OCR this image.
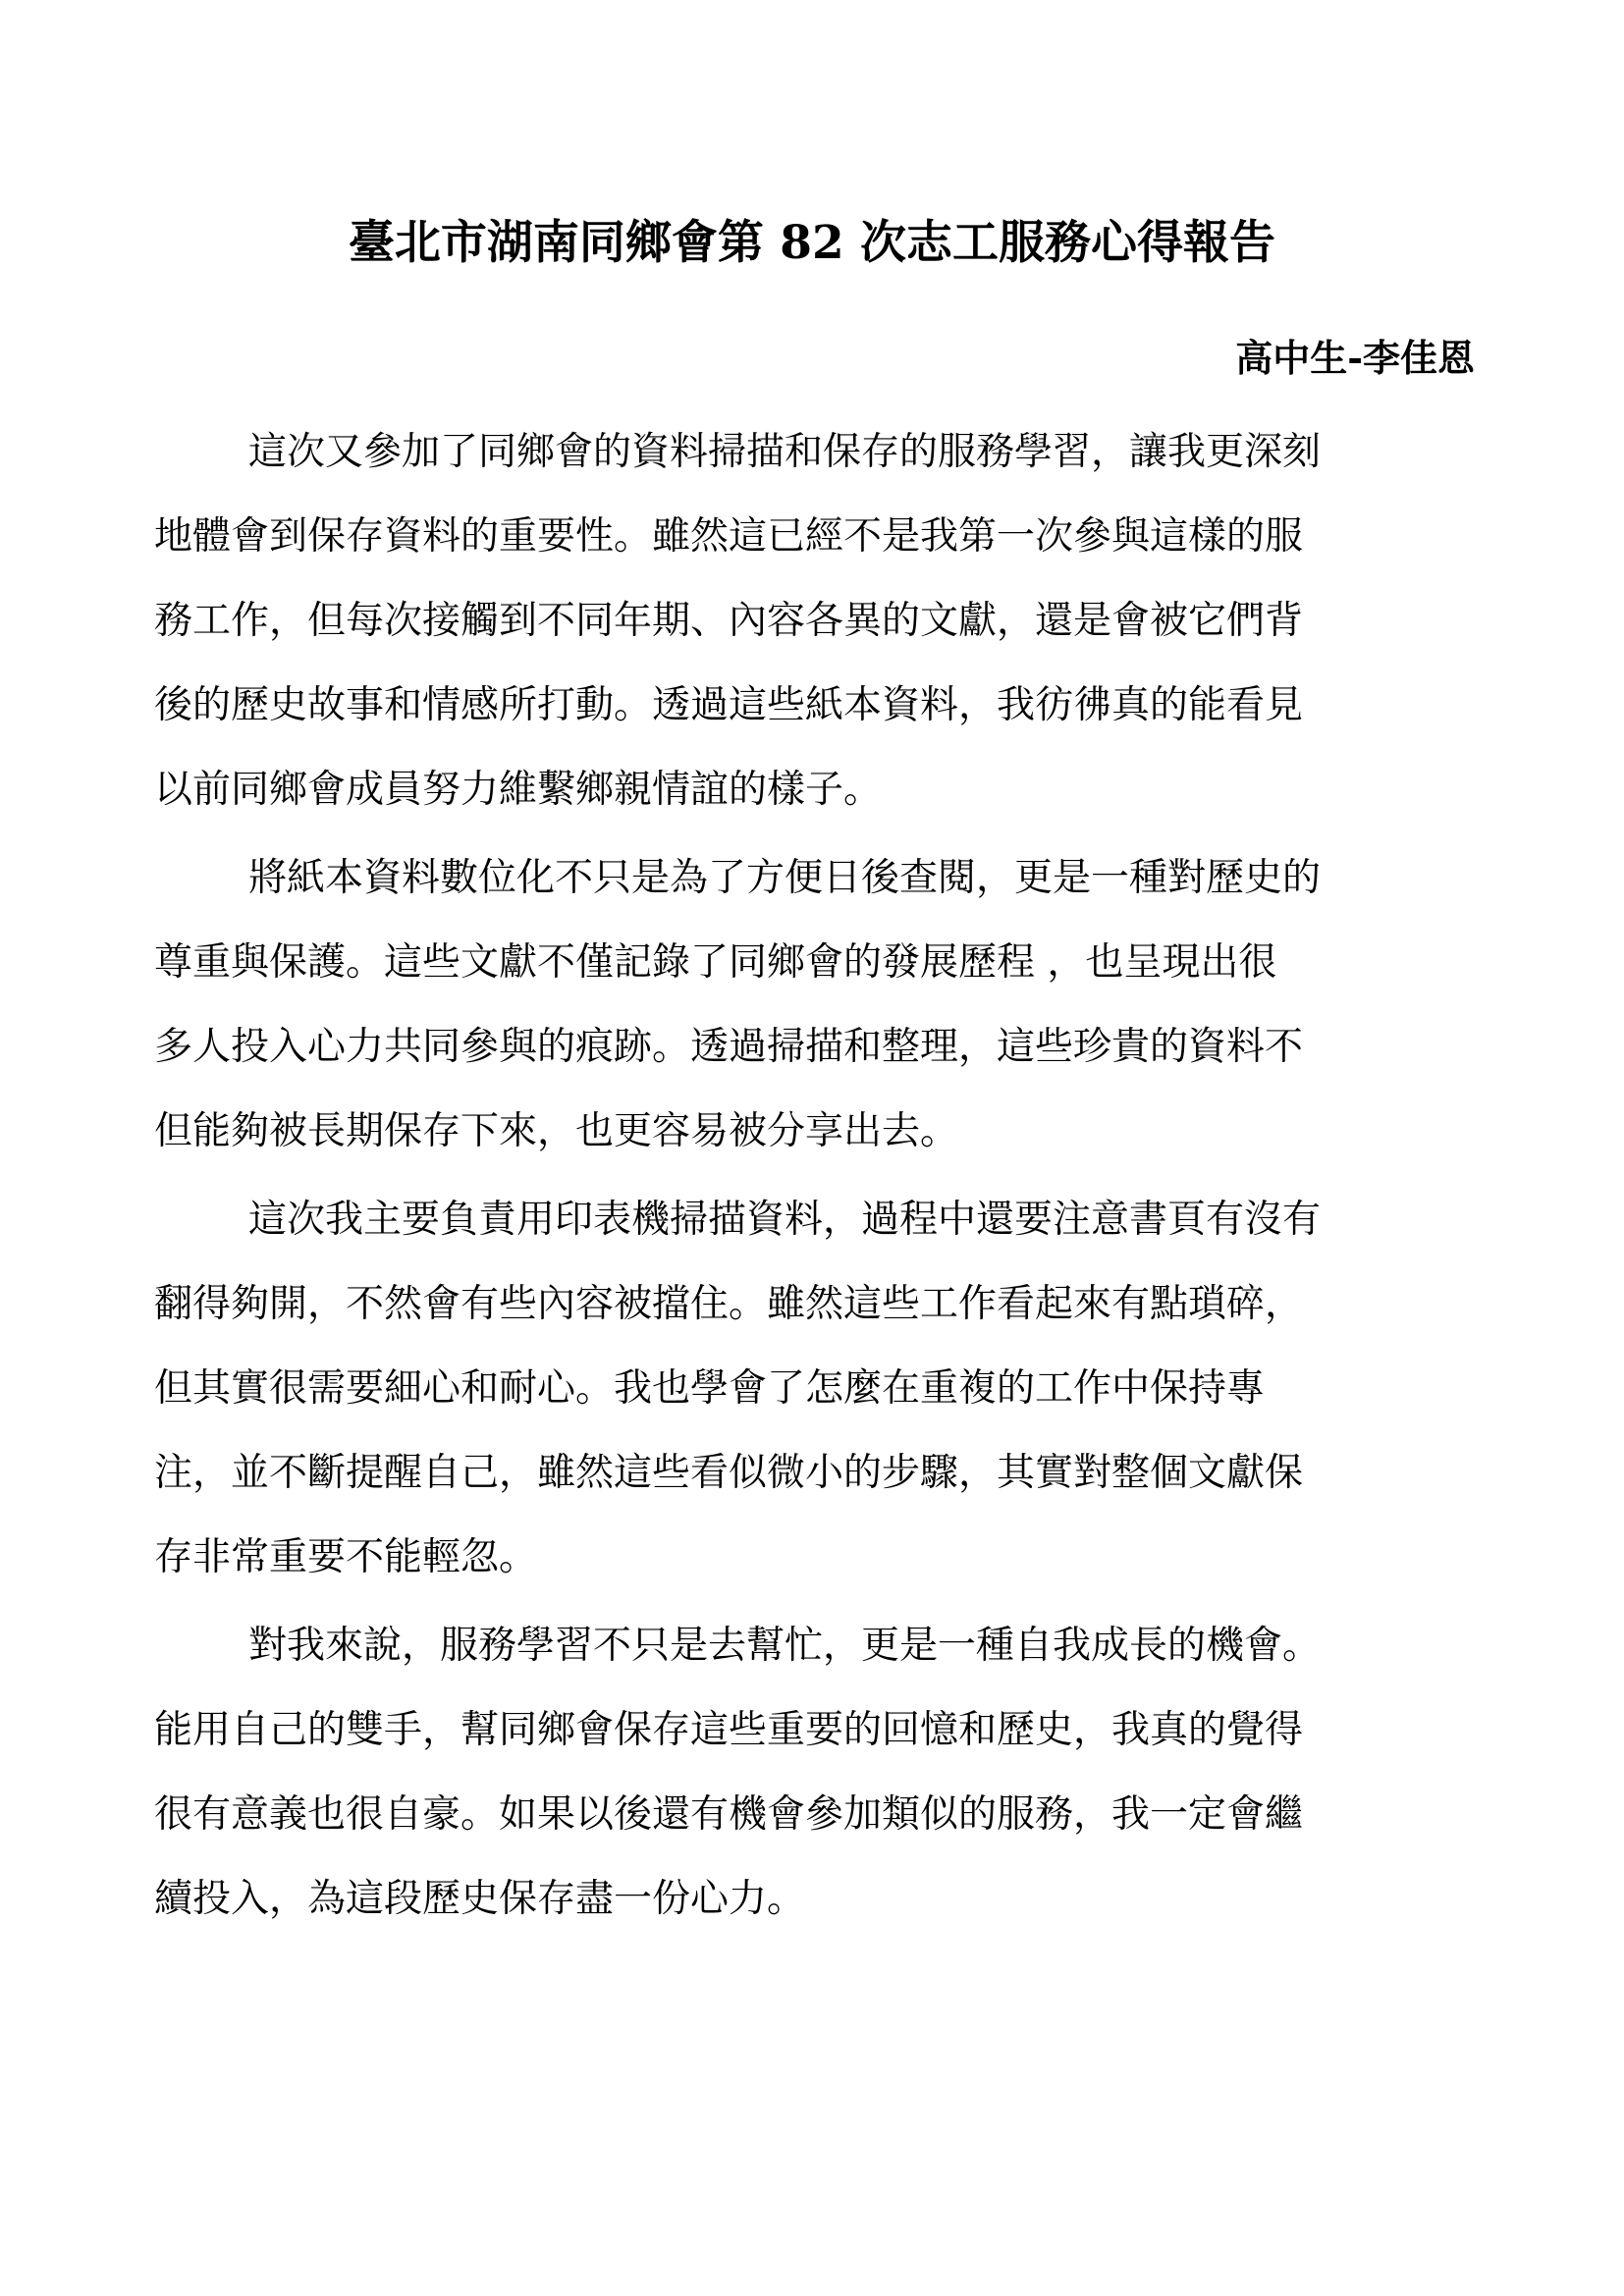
臺北市湖南同鄉會第 82 次志工服務心得報告

高中生-李佳恩

這次又參加了同鄉會的資料掃描和保存的服務學習，讓我更深刻
地體會到保存資料的重要性。雖然這已經不是我第一次參與這樣的服
務工作，但每次接觸到不同年期、內容各異的文獻，還是會被它們背
後的歷史故事和情感所打動。透過這些紙本資料，我彷彿真的能看見
以前同鄉會成員努力維繫鄉親情誼的樣子。
將紙本資料數位化不只是為了方便日後查閱，更是一種對歷史的
尊重與保護。這些文獻不僅記錄了同鄉會的發展歷程 ，也呈現出很
多人投入心力共同參與的痕跡。透過掃描和整理，這些珍貴的資料不
但能夠被長期保存下來，也更容易被分享出去。
這次我主要負責用印表機掃描資料，過程中還要注意書頁有沒有
翻得夠開，不然會有些內容被擋住。雖然這些工作看起來有點瑣碎，
但其實很需要細心和耐心。我也學會了怎麼在重複的工作中保持專
注，並不斷提醒自己，雖然這些看似微小的步驟，其實對整個文獻保
存非常重要不能輕忽。
對我來說，服務學習不只是去幫忙，更是一種自我成長的機會。
能用自己的雙手，幫同鄉會保存這些重要的回憶和歷史，我真的覺得
很有意義也很自豪。如果以後還有機會參加類似的服務，我一定會繼
續投入，為這段歷史保存盡一份心力。
